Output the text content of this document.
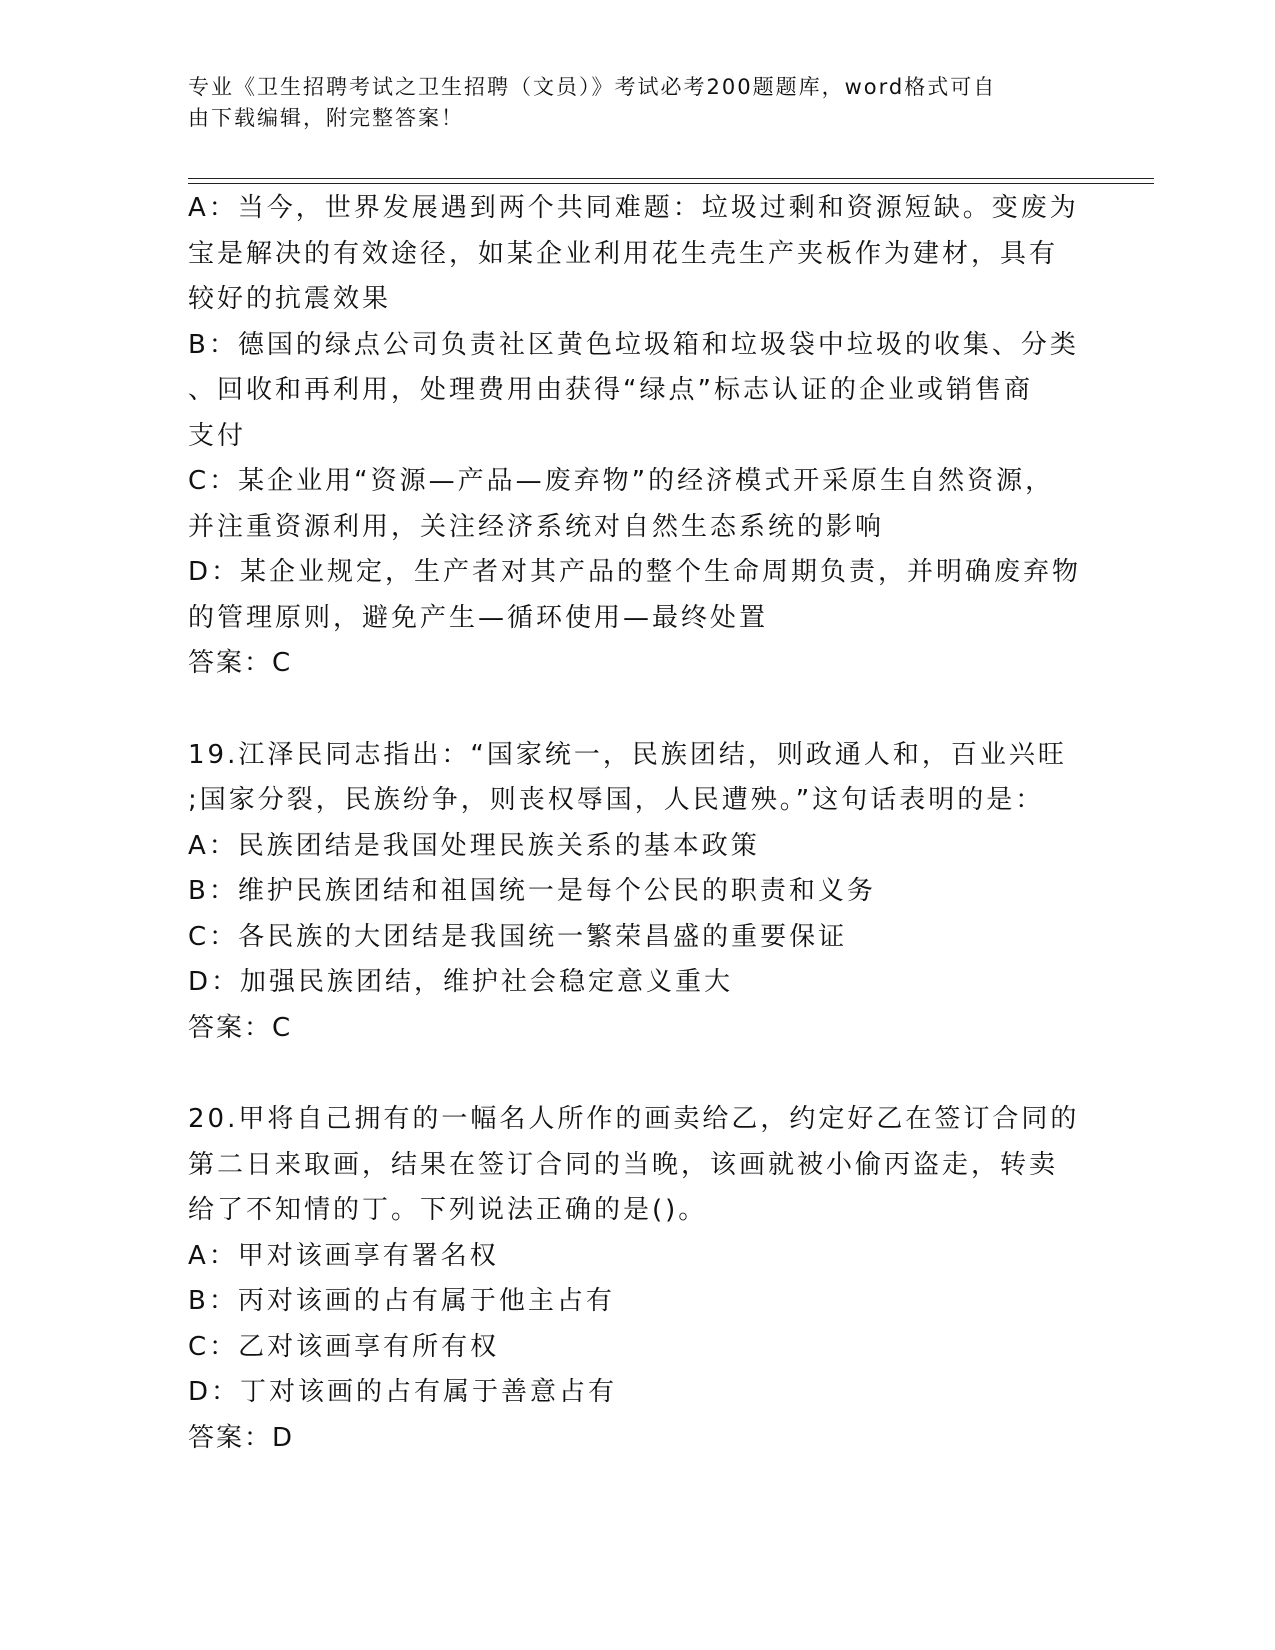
专业《卫生招聘考试之卫生招聘（文员）》考试必考200题题库，word格式可自
由下载编辑，附完整答案！
A：当今，世界发展遇到两个共同难题：垃圾过剩和资源短缺。变废为
宝是解决的有效途径，如某企业利用花生壳生产夹板作为建材，具有
较好的抗震效果
B：德国的绿点公司负责社区黄色垃圾箱和垃圾袋中垃圾的收集、分类
、回收和再利用，处理费用由获得“绿点”标志认证的企业或销售商
支付
C：某企业用“资源—产品—废弃物”的经济模式开采原生自然资源，
并注重资源利用，关注经济系统对自然生态系统的影响
D：某企业规定，生产者对其产品的整个生命周期负责，并明确废弃物
的管理原则，避免产生—循环使用—最终处置
答案：C
19.江泽民同志指出：“国家统一，民族团结，则政通人和，百业兴旺
;国家分裂，民族纷争，则丧权辱国，人民遭殃。”这句话表明的是：
A：民族团结是我国处理民族关系的基本政策
B：维护民族团结和祖国统一是每个公民的职责和义务
C：各民族的大团结是我国统一繁荣昌盛的重要保证
D：加强民族团结，维护社会稳定意义重大
答案：C
20.甲将自己拥有的一幅名人所作的画卖给乙，约定好乙在签订合同的
第二日来取画，结果在签订合同的当晚，该画就被小偷丙盗走，转卖
给了不知情的丁。下列说法正确的是()。
A：甲对该画享有署名权
B：丙对该画的占有属于他主占有
C：乙对该画享有所有权
D：丁对该画的占有属于善意占有
答案：D
